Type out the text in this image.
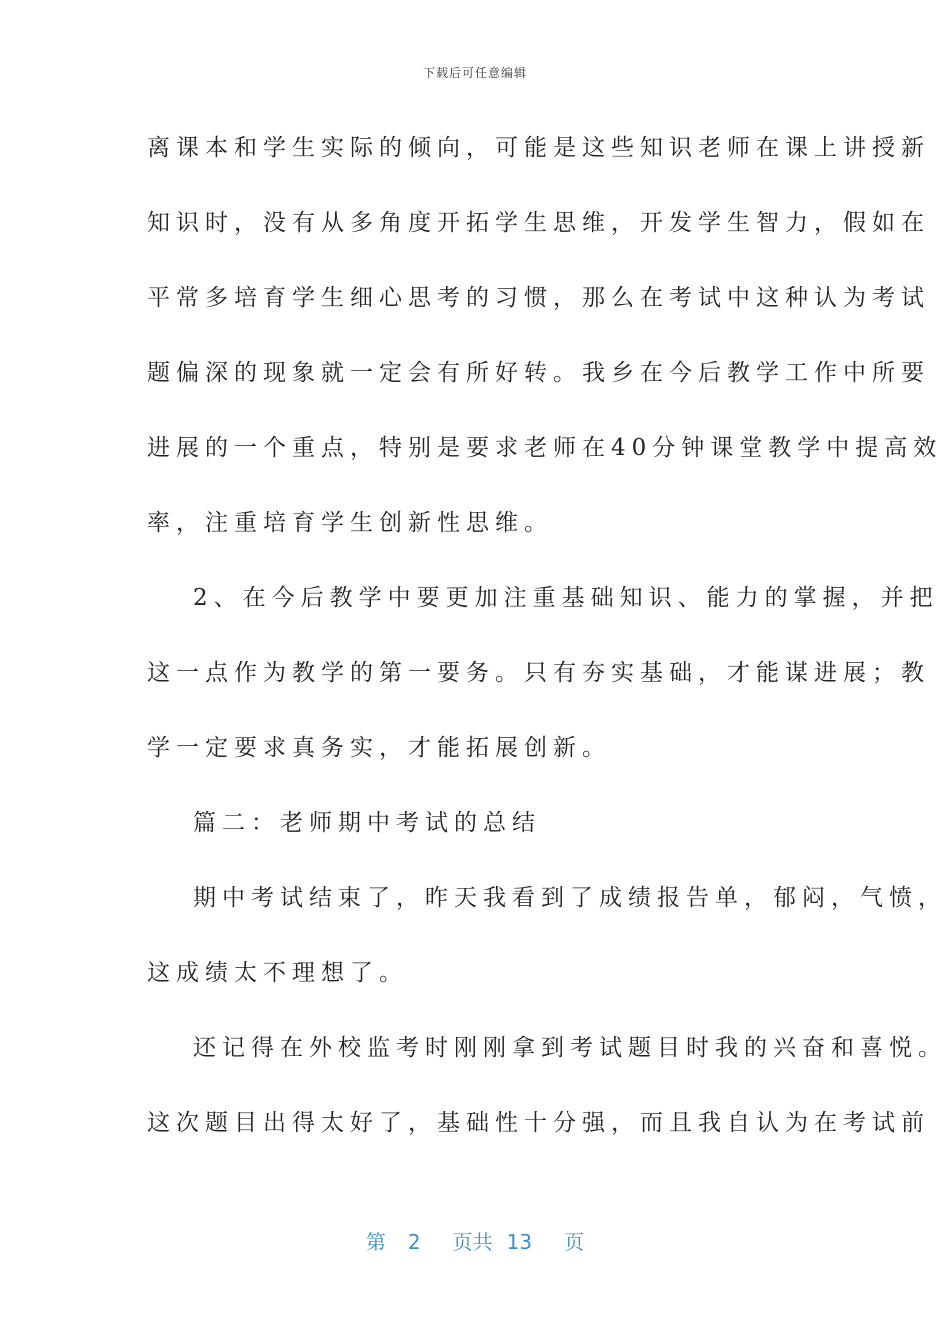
下载后可任意编辑
离课本和学生实际的倾向，可能是这些知识老师在课上讲授新
知识时，没有从多角度开拓学生思维，开发学生智力，假如在
平常多培育学生细心思考的习惯，那么在考试中这种认为考试
题偏深的现象就一定会有所好转。我乡在今后教学工作中所要
进展的一个重点，特别是要求老师在40分钟课堂教学中提高效
率，注重培育学生创新性思维。
2、在今后教学中要更加注重基础知识、能力的掌握，并把
这一点作为教学的第一要务。只有夯实基础，才能谋进展；教
学一定要求真务实，才能拓展创新。
篇二：老师期中考试的总结
期中考试结束了，昨天我看到了成绩报告单，郁闷，气愤，
这成绩太不理想了。
还记得在外校监考时刚刚拿到考试题目时我的兴奋和喜悦。
这次题目出得太好了，基础性十分强，而且我自认为在考试前
第 2 页共 13 页
